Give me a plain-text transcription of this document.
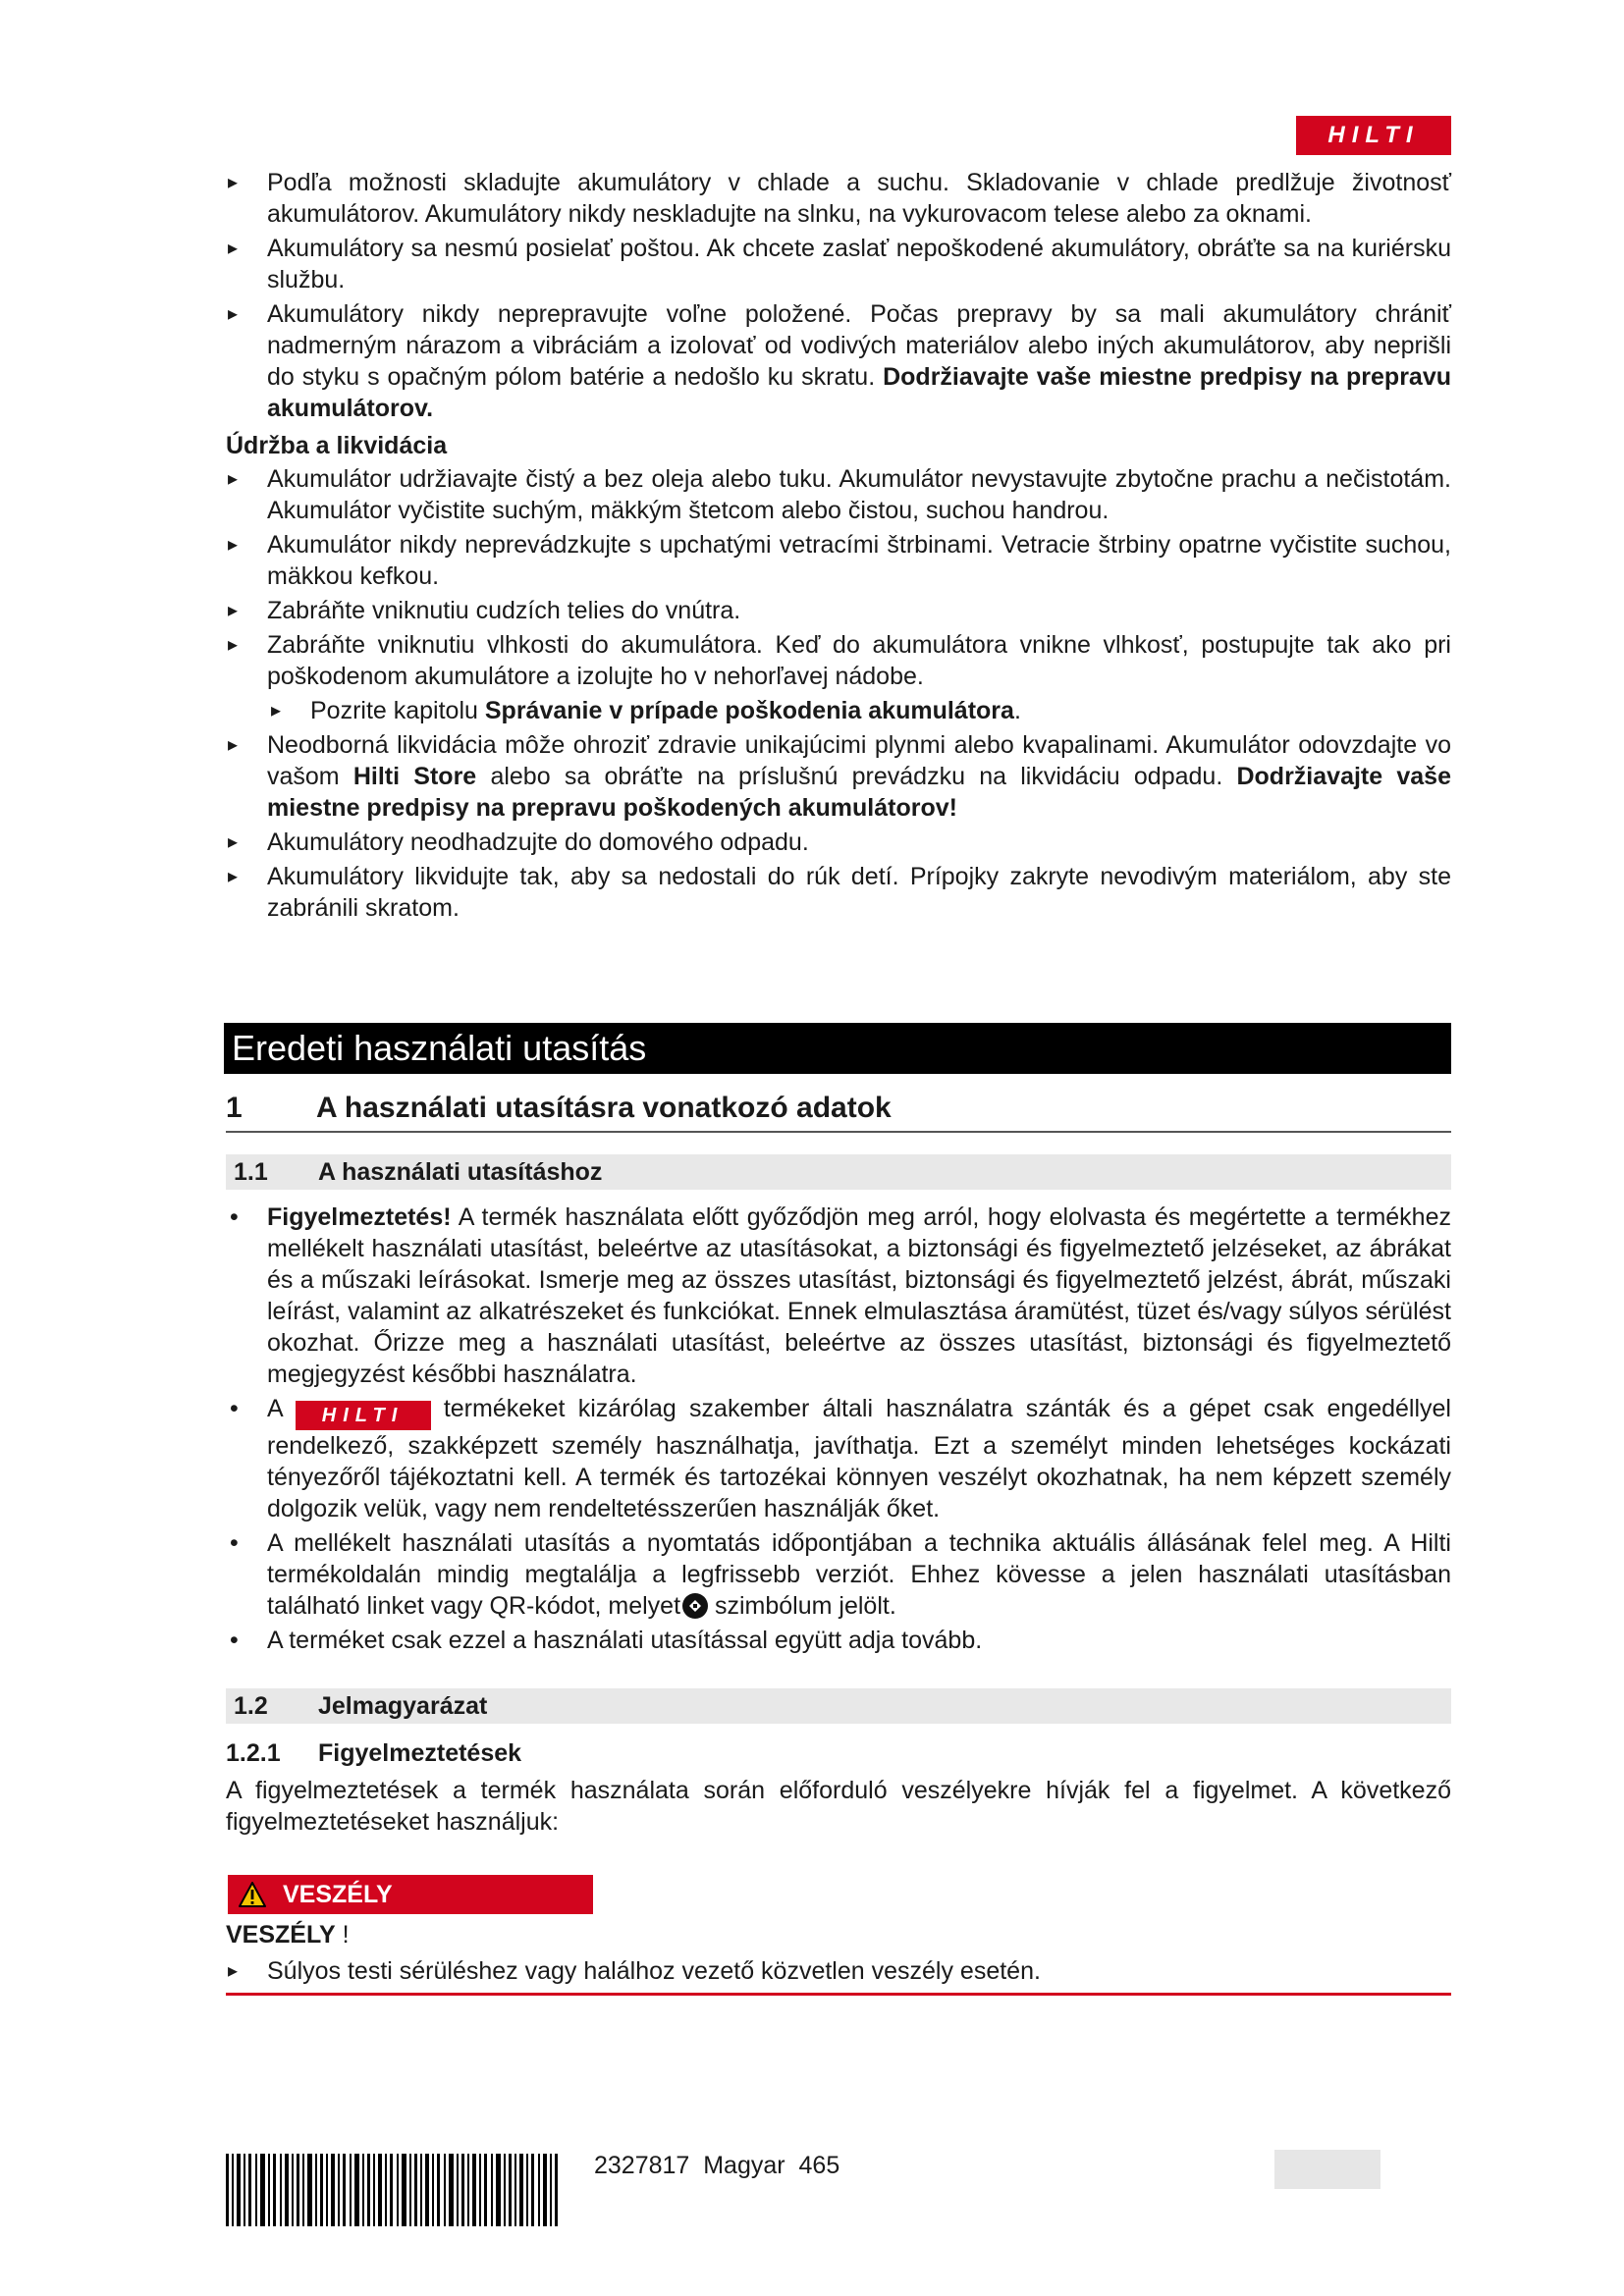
HILTI
▸ Podľa možnosti skladujte akumulátory v chlade a suchu. Skladovanie v chlade predlžuje životnosť akumulátorov. Akumulátory nikdy neskladujte na slnku, na vykurovacom telese alebo za oknami.
▸ Akumulátory sa nesmú posielať poštou. Ak chcete zaslať nepoškodené akumulátory, obráťte sa na kuriérsku službu.
▸ Akumulátory nikdy neprepravujte voľne položené. Počas prepravy by sa mali akumulátory chrániť nadmerným nárazom a vibráciám a izolovať od vodivých materiálov alebo iných akumulátorov, aby neprišli do styku s opačným pólom batérie a nedošlo ku skratu. Dodržiavajte vaše miestne predpisy na prepravu akumulátorov.
Údržba a likvidácia
▸ Akumulátor udržiavajte čistý a bez oleja alebo tuku. Akumulátor nevystavujte zbytočne prachu a nečistotám. Akumulátor vyčistite suchým, mäkkým štetcom alebo čistou, suchou handrou.
▸ Akumulátor nikdy neprevádzkujte s upchatými vetracími štrbinami. Vetracie štrbiny opatrne vyčistite suchou, mäkkou kefkou.
▸ Zabráňte vniknutiu cudzích telies do vnútra.
▸ Zabráňte vniknutiu vlhkosti do akumulátora. Keď do akumulátora vnikne vlhkosť, postupujte tak ako pri poškodenom akumulátore a izolujte ho v nehorľavej nádobe.
▸ Pozrite kapitolu Správanie v prípade poškodenia akumulátora.
▸ Neodborná likvidácia môže ohroziť zdravie unikajúcimi plynmi alebo kvapalinami. Akumulátor odovzdajte vo vašom Hilti Store alebo sa obráťte na príslušnú prevádzku na likvidáciu odpadu. Dodržiavajte vaše miestne predpisy na prepravu poškodených akumulátorov!
▸ Akumulátory neodhadzujte do domového odpadu.
▸ Akumulátory likvidujte tak, aby sa nedostali do rúk detí. Prípojky zakryte nevodivým materiálom, aby ste zabránili skratom.
Eredeti használati utasítás
1	A használati utasításra vonatkozó adatok
1.1 A használati utasításhoz
• Figyelmeztetés! A termék használata előtt győződjön meg arról, hogy elolvasta és megértette a termékhez mellékelt használati utasítást, beleértve az utasításokat, a biztonsági és figyelmeztető jelzéseket, az ábrákat és a műszaki leírásokat. Ismerje meg az összes utasítást, biztonsági és figyelmeztető jelzést, ábrát, műszaki leírást, valamint az alkatrészeket és funkciókat. Ennek elmulasztása áramütést, tüzet és/vagy súlyos sérülést okozhat. Őrizze meg a használati utasítást, beleértve az összes utasítást, biztonsági és figyelmeztető megjegyzést későbbi használatra.
• A HILTI termékeket kizárólag szakember általi használatra szánták és a gépet csak engedéllyel rendelkező, szakképzett személy használhatja, javíthatja. Ezt a személyt minden lehetséges kockázati tényezőről tájékoztatni kell. A termék és tartozékai könnyen veszélyt okozhatnak, ha nem képzett személy dolgozik velük, vagy nem rendeltetésszerűen használják őket.
• A mellékelt használati utasítás a nyomtatás időpontjában a technika aktuális állásának felel meg. A Hilti termékoldalán mindig megtalálja a legfrissebb verziót. Ehhez kövesse a jelen használati utasításban található linket vagy QR-kódot, melyet
szimbólum jelölt.
• A terméket csak ezzel a használati utasítással együtt adja tovább.
1.2 Jelmagyarázat
1.2.1 Figyelmeztetések
A figyelmeztetések a termék használata során előforduló veszélyekre hívják fel a figyelmet. A következő figyelmeztetéseket használjuk:
VESZÉLY
VESZÉLY !
▸ Súlyos testi sérüléshez vagy halálhoz vezető közvetlen veszély esetén.
2327817 Magyar 465
